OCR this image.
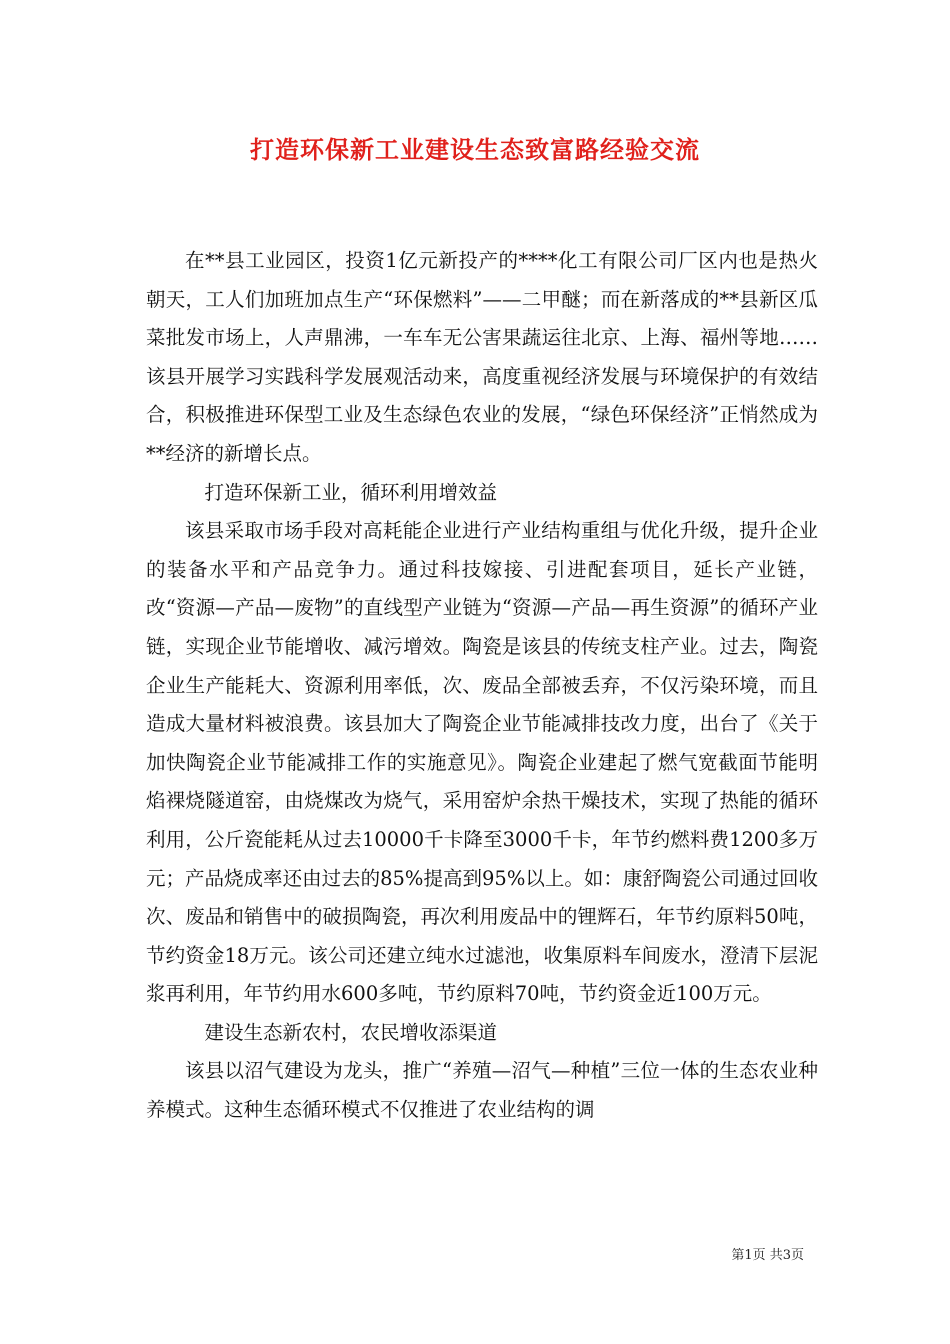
打造环保新工业建设生态致富路经验交流

在**县工业园区，投资1亿元新投产的****化工有限公司厂区内也是热火朝天，工人们加班加点生产“环保燃料”——二甲醚；而在新落成的**县新区瓜菜批发市场上，人声鼎沸，一车车无公害果蔬运往北京、上海、福州等地……该县开展学习实践科学发展观活动来，高度重视经济发展与环境保护的有效结合，积极推进环保型工业及生态绿色农业的发展，“绿色环保经济”正悄然成为**经济的新增长点。

打造环保新工业，循环利用增效益

该县采取市场手段对高耗能企业进行产业结构重组与优化升级，提升企业的装备水平和产品竞争力。通过科技嫁接、引进配套项目，延长产业链，改“资源—产品—废物”的直线型产业链为“资源—产品—再生资源”的循环产业链，实现企业节能增收、减污增效。陶瓷是该县的传统支柱产业。过去，陶瓷企业生产能耗大、资源利用率低，次、废品全部被丢弃，不仅污染环境，而且造成大量材料被浪费。该县加大了陶瓷企业节能减排技改力度，出台了《关于加快陶瓷企业节能减排工作的实施意见》。陶瓷企业建起了燃气宽截面节能明焰裸烧隧道窑，由烧煤改为烧气，采用窑炉余热干燥技术，实现了热能的循环利用，公斤瓷能耗从过去10000千卡降至3000千卡，年节约燃料费1200多万元；产品烧成率还由过去的85%提高到95%以上。如：康舒陶瓷公司通过回收次、废品和销售中的破损陶瓷，再次利用废品中的锂辉石，年节约原料50吨，节约资金18万元。该公司还建立纯水过滤池，收集原料车间废水，澄清下层泥浆再利用，年节约用水600多吨，节约原料70吨，节约资金近100万元。

建设生态新农村，农民增收添渠道

该县以沼气建设为龙头，推广“养殖—沼气—种植”三位一体的生态农业种养模式。这种生态循环模式不仅推进了农业结构的调

第1页 共3页
